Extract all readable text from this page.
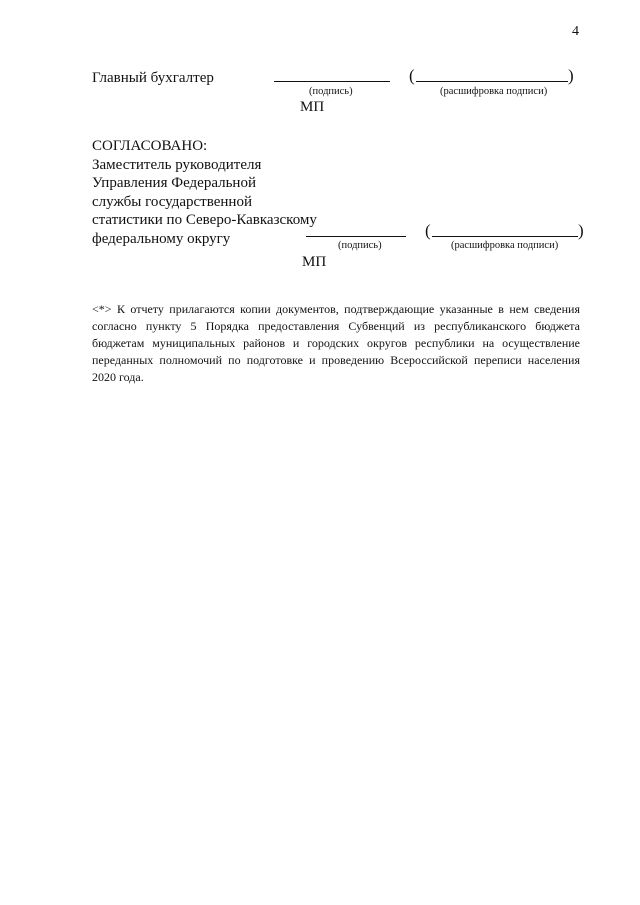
4
Главный бухгалтер	(	)
(подпись)	(расшифровка подписи)
МП
СОГЛАСОВАНО:
Заместитель руководителя
Управления Федеральной
службы государственной
статистики по Северо-Кавказскому
федеральному округу	(	)
(подпись)	(расшифровка подписи)
МП
<*> К отчету прилагаются копии документов, подтверждающие указанные в нем сведения согласно пункту 5 Порядка предоставления Субвенций из республиканского бюджета бюджетам муниципальных районов и городских округов республики на осуществление переданных полномочий по подготовке и проведению Всероссийской переписи населения 2020 года.
